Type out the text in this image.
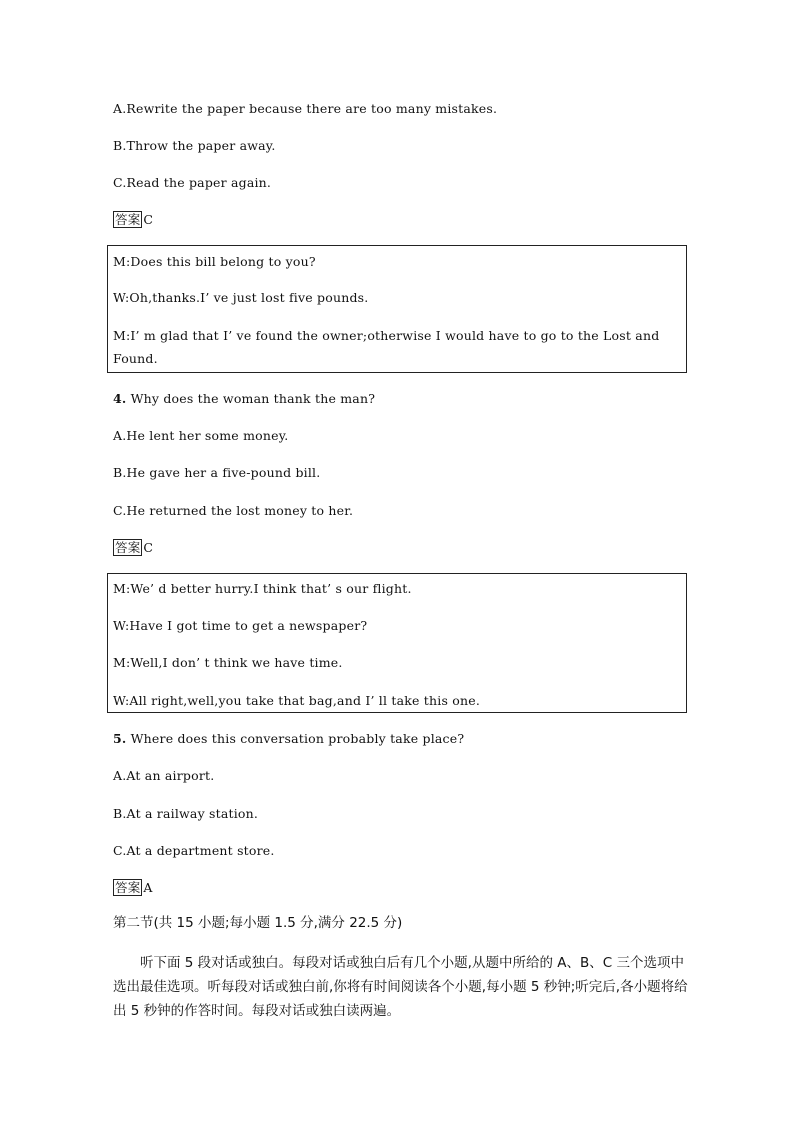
A.Rewrite the paper because there are too many mistakes.
B.Throw the paper away.
C.Read the paper again.
答案 C
M:Does this bill belong to you?
W:Oh,thanks.I’ ve just lost five pounds.
M:I’ m glad that I’ ve found the owner;otherwise I would have to go to the Lost and
Found.
4. Why does the woman thank the man?
A.He lent her some money.
B.He gave her a five-pound bill.
C.He returned the lost money to her.
答案 C
M:We’ d better hurry.I think that’ s our flight.
W:Have I got time to get a newspaper?
M:Well,I don’ t think we have time.
W:All right,well,you take that bag,and I’ ll take this one.
5. Where does this conversation probably take place?
A.At an airport.
B.At a railway station.
C.At a department store.
答案 A
第二节(共 15 小题;每小题 1.5 分,满分 22.5 分)
听下面 5 段对话或独白。每段对话或独白后有几个小题,从题中所给的 A、B、C 三个选项中选出最佳选项。听每段对话或独白前,你将有时间阅读各个小题,每小题 5 秒钟;听完后,各小题将给出 5 秒钟的作答时间。每段对话或独白读两遍。
